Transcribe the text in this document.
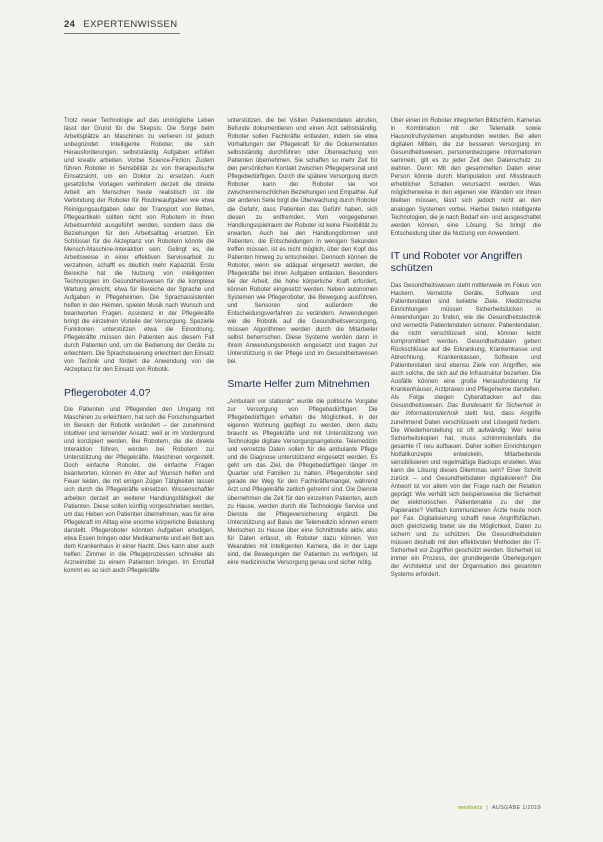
24 EXPERTENWISSEN

Trotz neuer Technologie auf das unmögliche Leben lässt der Grund für die Skepsis: Die Sorge beim Arbeitsplätze an Maschinen zu verlieren ist jedoch unbegründet: Intelligente Roboter, die sich Herausforderungen, selbstständig Aufgaben erfüllen und kreativ arbeiten. Vorbei Science-Fiction: Zudem führen Roboter in Sensibilität zu von therapeutische Einsatzsicht, um ein Doktor zu ersetzen. Auch gesetzliche Vorlagen verhindern derzeit die direkte Arbeit am Menschen heute realistisch ist die Verbindung der Roboter für Routineaufgaben wie etwa Reinigungsaufgaben oder der Transport von Betten, Pflegeartikeln sollten nicht von Robotern in ihren Arbeitsumfeld ausgeführt werden, sondern dass die Beziehungen für den Arbeitsalltag ersetzen. Ein Schlüssel für die Akzeptanz von Robotern könnte die Mensch-Maschine-Interaktion sein: Gelingt es, die Arbeitsweise in einer effektiven Servicearbeit zu verzahnen, schafft es deutlich mehr Kapazität. Erste Bereiche hat die Nutzung von intelligenten Technologien im Gesundheitswesen für die komplexe Wartung erreicht, etwa für Bereiche der Sprache und Aufgaben in Pflegeheimen. Die Sprachassistenten helfen in den Heimen, spielen Musik nach Wunsch und beantworten Fragen. Assistenz in der Pflegekräfte bringt die einzelnen Vorteile der Versorgung. Spezielle Funktionen unterstützen etwa die Einordnung, Pflegekräfte müssen den Patienten aus diesem Fall durch Patienten und, um die Bedienung der Geräte zu erleichtern. Die Sprachsteuerung erleichtert den Einsatz von Technik und fördert die Anwendung von die Akzeptanz für den Einsatz von Robotik.

Pflegeroboter 4.0?

Die Patienten und Pflegenden den Umgang mit Maschinen zu erleichtern, hat sich die Forschungsarbeit im Bereich der Robotik verändert – der zunehmend intuitiver und lernender Ansatz: weil er im Vordergrund und konzipiert werden. Bei Robotern, die die direkte Interaktion führen, werden bei Robotern zur Unterstützung der Pflegekräfte. Maschinen vorgestellt. Doch einfache Roboter, die einfache Fragen beantworten, können im Alter auf Wunsch helfen und Feuer leiden, die mit einigen Zügen Tätigkeiten lassen sich durch die Pflegekräfte einsetzen. Wissenschaftler arbeiten derzeit an weiterer Handlungsfähigkeit der Patienten. Diese sollen künftig vorgeschrieben werden, um das Heben von Patienten übernehmen, was für eine Pflegekraft im Alltag eine enorme körperliche Belastung darstellt. Pflegeroboter könnten Aufgaben erledigen, etwa Essen bringen oder Medikamente und ein Bett aus dem Krankenhaus in einer Nacht. Dies kann aber auch helfen: Zimmer in die Pflegeprozessen schneller als Arzneimittel zu einem Patienten bringen. Im Ernstfall kommt es so sich auch Pflegekräfte

unterstützen, die bei Visiten Patientendaten abrufen, Befunde dokumentieren und einen Arzt selbstständig. Roboter sollen Fachkräfte entlasten, indem sie etwa Vorhaltungen der Pflegekraft für die Dokumentation selbstständig durchführen oder Überwachung von Patienten übernehmen. Sie schaffen so mehr Zeit für den persönlichen Kontakt zwischen Pflegepersonal und Pflegebedürftigen. Durch die spätere Versorgung durch Roboter kann der Roboter sie vor zwischenmenschlichen Beziehungen und Empathie. Auf der anderen Seite birgt die Überwachung durch Roboter die Gefahr, dass Patienten das Gefühl haben, sich diesen zu entfremden. Vom vorgegebenen Handlungsspielraum der Roboter ist keine Flexibilität zu erwarten. Auch bei den Handlungsformen und Patienten, die Entscheidungen in wenigen Sekunden treffen müssen, ist es nicht möglich, über den Kopf des Patienten hinweg zu entscheiden. Dennoch können die Roboter, wenn sie adäquat eingesetzt werden, die Pflegekräfte bei ihren Aufgaben entlasten. Besonders bei der Arbeit, die hohe körperliche Kraft erfordert, können Roboter eingesetzt werden. Neben autonomen Systemen wie Pflegeroboter, die Bewegung ausführen, und Sensoren sind außerdem die Entscheidungsverfahren zu verändern. Anwendungen wie die Robotik auf die Gesundheitsversorgung, müssen Algorithmen werden durch die Mitarbeiter selbst beherrschen. Diese Systeme werden dann in ihrem Anwendungsbereich eingesetzt und tragen zur Unterstützung in der Pflege und im Gesundheitswesen bei.

Smarte Helfer zum Mitnehmen

„Ambulant vor stationär“ wurde die politische Vorgabe zur Versorgung von Pflegebedürftigen: Die Pflegebedürftigen erhalten die Möglichkeit, in der eigenen Wohnung gepflegt zu werden, denn dazu braucht es Pflegekräfte und mit Unterstützung von Technologie digitale Versorgungsangebote. Telemedizin und vernetzte Daten sollen für die ambulante Pflege und die Diagnose unterstützend eingesetzt werden. Es geht um das Ziel, die Pflegebedürftigen länger im Quartier und Familien zu halten. Pflegeroboter sind gerade der Weg für den Fachkräftemangel, während Arzt und Pflegekräfte zeitlich getrennt sind. Die Dienste übernehmen die Zeit für den einzelnen Patienten, auch zu Hause, werden durch die Technologie Service und Dienste der Pflegeversicherung ergänzt. Die Unterstützung auf Basis der Telemedizin können einem Menschen zu Hause über eine Schnittstelle aktiv, also für Daten erfasst, ob Roboter dazu können. Von Wearables mit intelligenten Kamera, die in der Lage sind, die Bewegungen der Patienten zu verfolgen, ist eine medizinische Versorgung genau und sicher nötig.

Über einen im Roboter integrierten Bildschirm, Kameras in Kombination mit der Telematik sowie Hausnotrufsystemen angebunden werden. Bei allen digitalen Mitteln, die zur besseren Versorgung im Gesundheitswesen, personenbezogene Informationen sammeln, gilt es zu jeder Zeit den Datenschutz zu wahren. Denn: Mit den gesammelten Daten einer Person könnte durch Manipulation und Missbrauch erheblicher Schaden verursacht werden. Was möglicherweise in den eigenen vier Wänden vor ihnen bleiben müssen, lässt sich jedoch nicht an den analogen Systemen vorbei. Hierbei bieten intelligente Technologien, die je nach Bedarf ein- und ausgeschaltet werden können, eine Lösung. So bringt die Entscheidung über die Nutzung von Anwendern.

IT und Roboter vor Angriffen schützen

Das Gesundheitswesen steht mittlerweile im Fokus von Hackern. Vernetzte Geräte, Software und Patientendaten sind beliebte Ziele. Medizinische Einrichtungen müssen Sicherheitslücken in Anwendungen zu finden, wie die Gesundheitstechnik und vernetzte Patientendaten sicherer. Patientendaten, die nicht verschlüsselt sind, können leicht kompromittiert werden. Gesundheitsdaten geben Rückschlüsse auf die Erkrankung, Krankenkasse und Abrechnung. Krankenkassen, Software und Patientendaten sind ebenso Ziele von Angriffen, wie auch solche, die sich auf die Infrastruktur beziehen. Die Ausfälle können eine große Herausforderung für Krankenhäuser, Arztpraxen und Pflegeheime darstellen. Als Folge steigen Cyberattacken auf das Gesundheitswesen. Das Bundesamt für Sicherheit in der Informationstechnik stellt fest, dass Angriffe zunehmend Daten verschlüsseln und Lösegeld fordern. Die Wiederherstellung ist oft aufwändig: Wer keine Sicherheitskopien hat, muss schlimmstenfalls die gesamte IT neu aufbauen. Daher sollten Einrichtungen Notfallkonzepte entwickeln, Mitarbeitende sensibilisieren und regelmäßige Backups erstellen. Was kann die Lösung dieses Dilemmas sein? Einer Schritt zurück – und Gesundheitsdaten digitalisieren? Die Antwort ist vor allem von der Frage nach der Relation geprägt: Wie verhält sich beispielsweise die Sicherheit der elektronischen Patientenakte zu der der Papierakte? Vielfach kommunizieren Ärzte heute noch per Fax. Digitalisierung schafft neue Angriffsflächen, doch gleichzeitig bietet sie die Möglichkeit, Daten zu sichern und zu schützen. Die Gesundheitsdaten müssen deshalb mit den effektivsten Methoden der IT-Sicherheit vor Zugriffen geschützt werden. Sicherheit ist immer ein Prozess, der grundlegende Überlegungen der Architektur und der Organisation des gesamten Systems erfordert.

mednetz | AUSGABE 1/2019
